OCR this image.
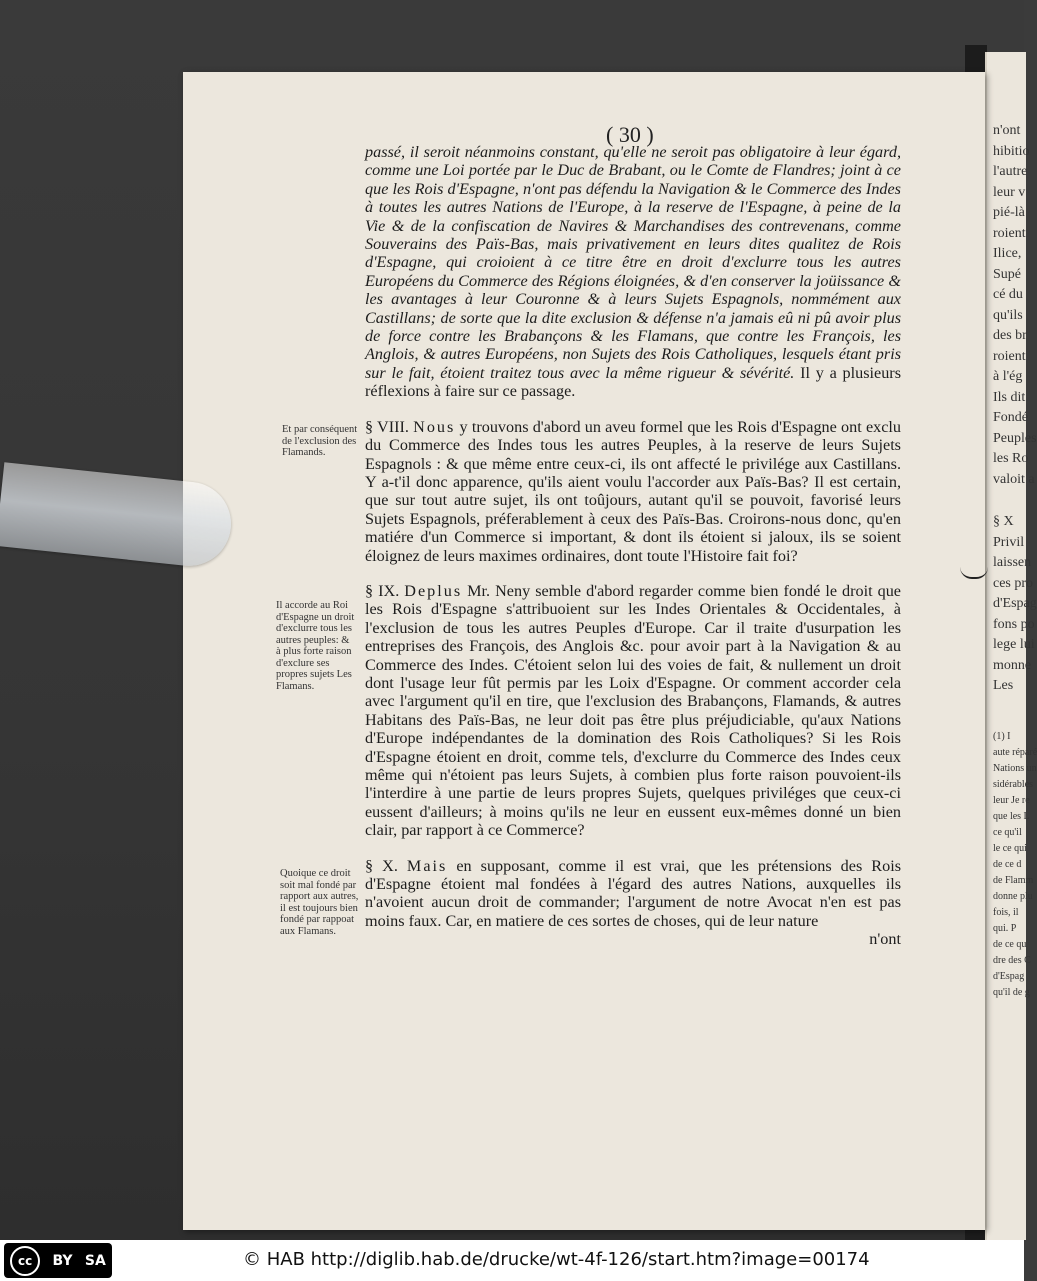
n'ont
hibitio
l'autre
leur v
pié-là
roient
Ilice,
Supé
cé du
qu'ils
des br
roient
à l'ég
Ils dit
Fondé
Peuples
les Ro
valoit a
§ X
Privil
laissen
ces pro
d'Espag
fons po
lege lui
monne
Les
(1) I
aute réparé
Nations un
sidérables
leur Je re
que les L
ce qu'il
le ce qui
de ce d
de Flamm
donne plu
fois, il
qui. P
de ce qu
dre des C
d'Espag
qu'il de g
( 30 )

passé, il seroit néanmoins constant, qu'elle ne seroit pas obligatoire à leur égard, comme une Loi portée par le Duc de Brabant, ou le Comte de Flandres; joint à ce que les Rois d'Espagne, n'ont pas défendu la Navigation & le Commerce des Indes à toutes les autres Nations de l'Europe, à la reserve de l'Espagne, à peine de la Vie & de la confiscation de Navires & Marchandises des contrevenans, comme Souverains des Païs-Bas, mais privativement en leurs dites qualitez de Rois d'Espagne, qui croioient à ce titre être en droit d'exclurre tous les autres Européens du Commerce des Régions éloignées, & d'en conserver la joüissance & les avantages à leur Couronne & à leurs Sujets Espagnols, nommément aux Castillans; de sorte que la dite exclusion & défense n'a jamais eû ni pû avoir plus de force contre les Brabançons & les Flamans, que contre les François, les Anglois, & autres Européens, non Sujets des Rois Catholiques, lesquels étant pris sur le fait, étoient traitez tous avec la même rigueur & sévérité. Il y a plusieurs réflexions à faire sur ce passage.

§ VIII. Nous y trouvons d'abord un aveu formel que les Rois d'Espagne ont exclu du Commerce des Indes tous les autres Peuples, à la reserve de leurs Sujets Espagnols : & que même entre ceux-ci, ils ont affecté le privilége aux Castillans. Y a-t'il donc apparence, qu'ils aient voulu l'accorder aux Païs-Bas? Il est certain, que sur tout autre sujet, ils ont toûjours, autant qu'il se pouvoit, favorisé leurs Sujets Espagnols, préferablement à ceux des Païs-Bas. Croirons-nous donc, qu'en matiére d'un Commerce si important, & dont ils étoient si jaloux, ils se soient éloignez de leurs maximes ordinaires, dont toute l'Histoire fait foi?

§ IX. Deplus Mr. Neny semble d'abord regarder comme bien fondé le droit que les Rois d'Espagne s'attribuoient sur les Indes Orientales & Occidentales, à l'exclusion de tous les autres Peuples d'Europe. Car il traite d'usurpation les entreprises des François, des Anglois &c. pour avoir part à la Navigation & au Commerce des Indes. C'étoient selon lui des voies de fait, & nullement un droit dont l'usage leur fût permis par les Loix d'Espagne. Or comment accorder cela avec l'argument qu'il en tire, que l'exclusion des Brabançons, Flamands, & autres Habitans des Païs-Bas, ne leur doit pas être plus préjudiciable, qu'aux Nations d'Europe indépendantes de la domination des Rois Catholiques? Si les Rois d'Espagne étoient en droit, comme tels, d'exclurre du Commerce des Indes ceux même qui n'étoient pas leurs Sujets, à combien plus forte raison pouvoient-ils l'interdire à une partie de leurs propres Sujets, quelques priviléges que ceux-ci eussent d'ailleurs; à moins qu'ils ne leur en eussent eux-mêmes donné un bien clair, par rapport à ce Commerce?

§ X. Mais en supposant, comme il est vrai, que les prétensions des Rois d'Espagne étoient mal fondées à l'égard des autres Nations, auxquelles ils n'avoient aucun droit de commander; l'argument de notre Avocat n'en est pas moins faux. Car, en matiere de ces sortes de choses, qui de leur nature

n'ont
Et par conséquent de l'exclusion des Flamands.
Il accorde au Roi d'Espagne un droit d'exclurre tous les autres peuples: & à plus forte raison d'exclure ses propres sujets Les Flamans.
Quoique ce droit soit mal fondé par rapport aux autres, il est toujours bien fondé par rappoat aux Flamans.
cc	BY SA	© HAB http://diglib.hab.de/drucke/wt-4f-126/start.htm?image=00174
